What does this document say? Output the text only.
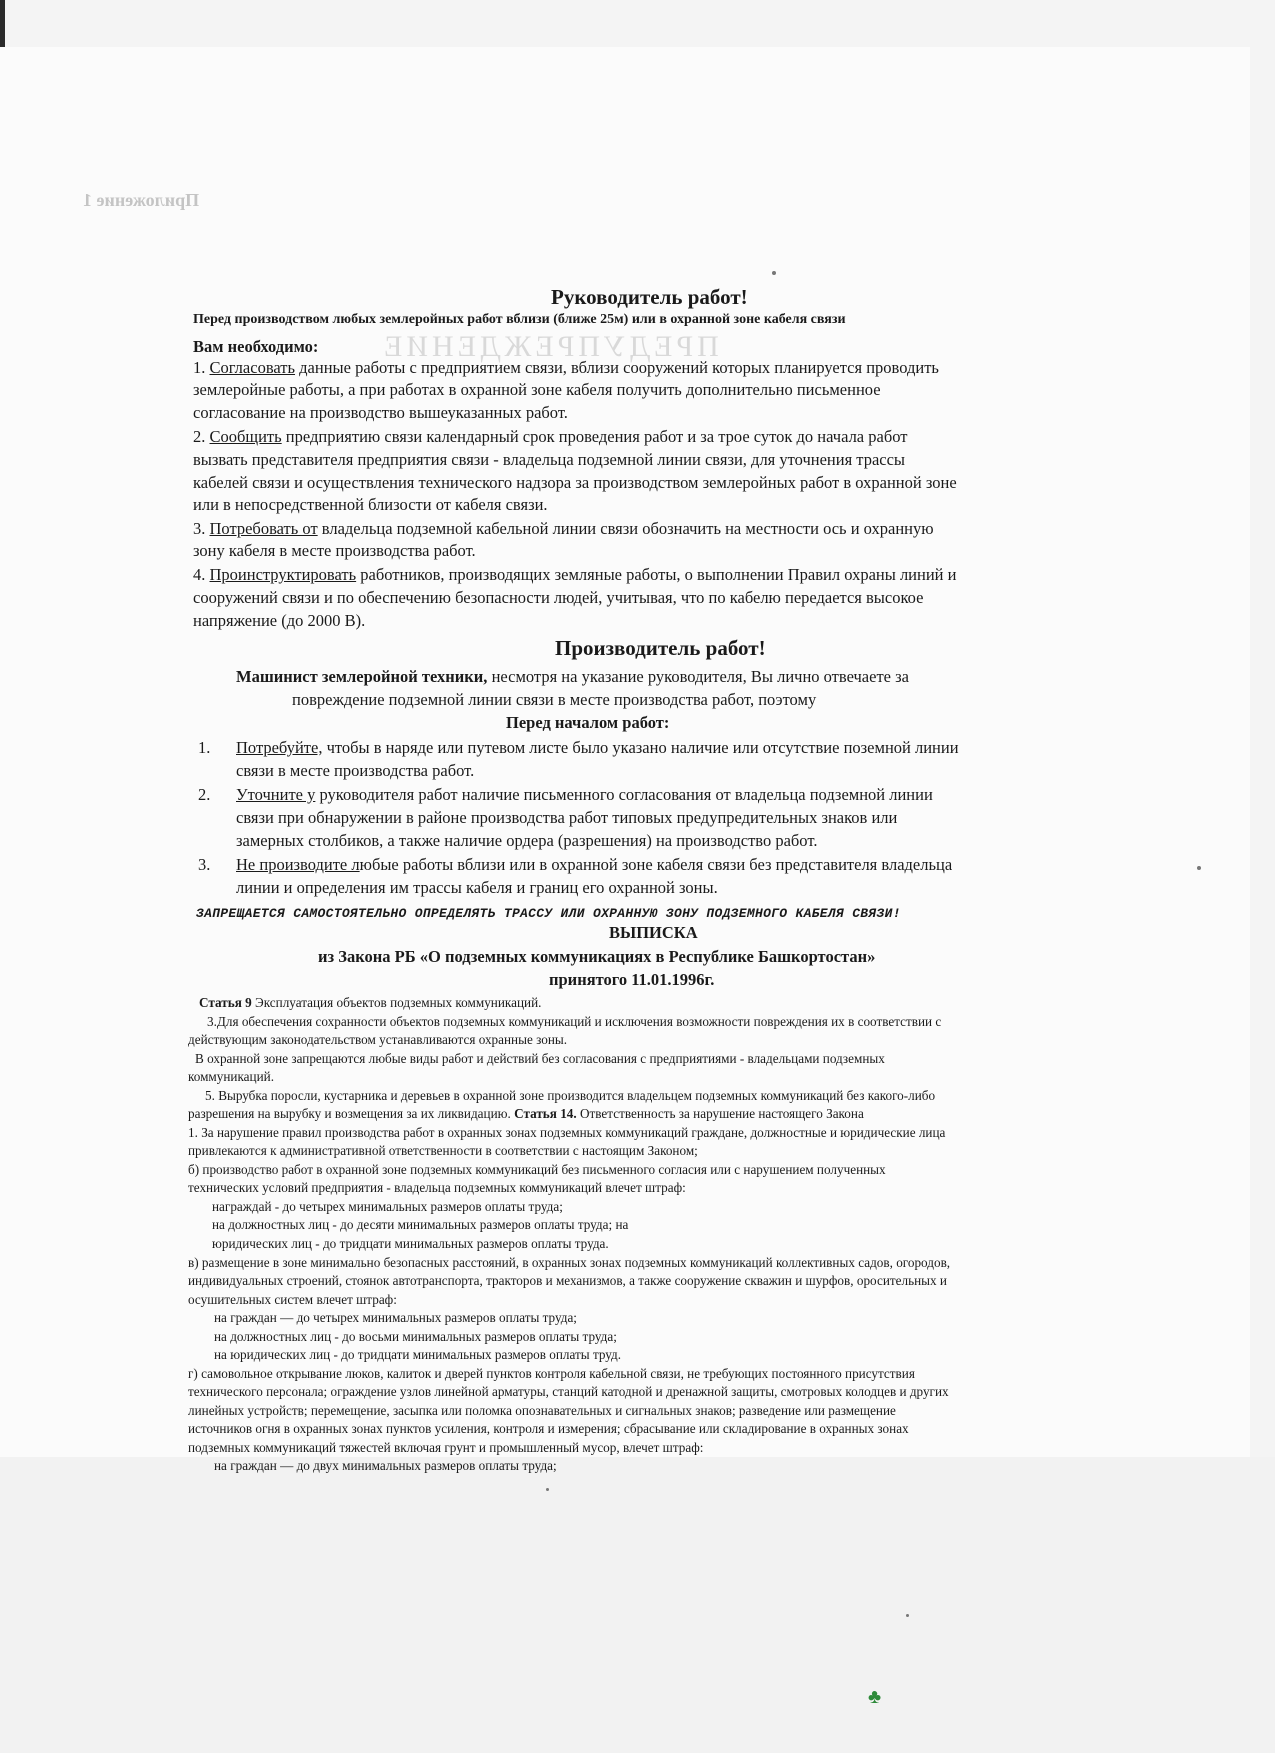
Приложение 1
ПРЕДУПРЕЖДЕНИЕ
♣
Руководитель работ!
Перед производством любых землеройных работ вблизи (ближе 25м) или в охранной зоне кабеля связи
Вам необходимо:
1. Согласовать данные работы с предприятием связи, вблизи сооружений которых планируется проводить
землеройные работы, а при работах в охранной зоне кабеля получить дополнительно письменное
согласование на производство вышеуказанных работ.
2. Сообщить предприятию связи календарный срок проведения работ и за трое суток до начала работ
вызвать представителя предприятия связи - владельца подземной линии связи, для уточнения трассы
кабелей связи и осуществления технического надзора за производством землеройных работ в охранной зоне
или в непосредственной близости от кабеля связи.
3. Потребовать от владельца подземной кабельной линии связи обозначить на местности ось и охранную
зону кабеля в месте производства работ.
4. Проинструктировать работников, производящих земляные работы, о выполнении Правил охраны линий и
сооружений связи и по обеспечению безопасности людей, учитывая, что по кабелю передается высокое
напряжение (до 2000 В).
Производитель работ!
Машинист землеройной техники, несмотря на указание руководителя, Вы лично отвечаете за
повреждение подземной линии связи в месте производства работ, поэтому
Перед началом работ:
1. Потребуйте, чтобы в наряде или путевом листе было указано наличие или отсутствие поземной линии
связи в месте производства работ.
2. Уточните у руководителя работ наличие письменного согласования от владельца подземной линии
связи при обнаружении в районе производства работ типовых предупредительных знаков или
замерных столбиков, а также наличие ордера (разрешения) на производство работ.
3. Не производите любые работы вблизи или в охранной зоне кабеля связи без представителя владельца
линии и определения им трассы кабеля и границ его охранной зоны.
ЗАПРЕЩАЕТСЯ САМОСТОЯТЕЛЬНО ОПРЕДЕЛЯТЬ ТРАССУ ИЛИ ОХРАННУЮ ЗОНУ ПОДЗЕМНОГО КАБЕЛЯ СВЯЗИ!
ВЫПИСКА
из Закона РБ «О подземных коммуникациях в Республике Башкортостан»
принятого 11.01.1996г.
Статья 9 Эксплуатация объектов подземных коммуникаций.
3.Для обеспечения сохранности объектов подземных коммуникаций и исключения возможности повреждения их в соответствии с
действующим законодательством устанавливаются охранные зоны.
В охранной зоне запрещаются любые виды работ и действий без согласования с предприятиями - владельцами подземных
коммуникаций.
5. Вырубка поросли, кустарника и деревьев в охранной зоне производится владельцем подземных коммуникаций без какого-либо
разрешения на вырубку и возмещения за их ликвидацию. Статья 14. Ответственность за нарушение настоящего Закона
1. За нарушение правил производства работ в охранных зонах подземных коммуникаций граждане, должностные и юридические лица
привлекаются к административной ответственности в соответствии с настоящим Законом;
б) производство работ в охранной зоне подземных коммуникаций без письменного согласия или с нарушением полученных
технических условий предприятия - владельца подземных коммуникаций влечет штраф:
награждай - до четырех минимальных размеров оплаты труда;
на должностных лиц - до десяти минимальных размеров оплаты труда; на
юридических лиц - до тридцати минимальных размеров оплаты труда.
в) размещение в зоне минимально безопасных расстояний, в охранных зонах подземных коммуникаций коллективных садов, огородов,
индивидуальных строений, стоянок автотранспорта, тракторов и механизмов, а также сооружение скважин и шурфов, оросительных и
осушительных систем влечет штраф:
на граждан — до четырех минимальных размеров оплаты труда;
на должностных лиц - до восьми минимальных размеров оплаты труда;
на юридических лиц - до тридцати минимальных размеров оплаты труд.
г) самовольное открывание люков, калиток и дверей пунктов контроля кабельной связи, не требующих постоянного присутствия
технического персонала; ограждение узлов линейной арматуры, станций катодной и дренажной защиты, смотровых колодцев и других
линейных устройств; перемещение, засыпка или поломка опознавательных и сигнальных знаков; разведение или размещение
источников огня в охранных зонах пунктов усиления, контроля и измерения; сбрасывание или складирование в охранных зонах
подземных коммуникаций тяжестей включая грунт и промышленный мусор, влечет штраф:
на граждан — до двух минимальных размеров оплаты труда;
